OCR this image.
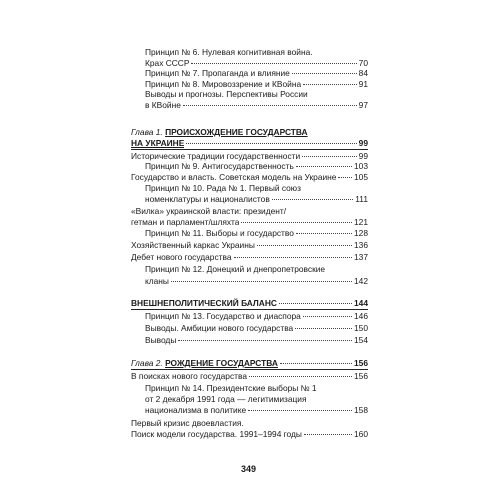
Принцип № 6. Нулевая когнитивная война.
Крах СССР	70
Принцип № 7. Пропаганда и влияние	84
Принцип № 8. Мировоззрение и КВойна	91
Выводы и прогнозы. Перспективы России
в КВойне	97
Глава 1. ПРОИСХОЖДЕНИЕ ГОСУДАРСТВА
НА УКРАИНЕ	99
Исторические традиции государственности	99
Принцип № 9. Антигосударственность	103
Государство и власть. Советская модель на Украине 105
Принцип № 10. Рада № 1. Первый союз
номенклатуры и националистов	111
«Вилка» украинской власти: президент/
гетман и парламент/шляхта	121
Принцип № 11. Выборы и государство	128
Хозяйственный каркас Украины	136
Дебет нового государства	137
Принцип № 12. Донецкий и днепропетровские
кланы	142
ВНЕШНЕПОЛИТИЧЕСКИЙ БАЛАНС	144
Принцип № 13. Государство и диаспора	146
Выводы. Амбиции нового государства	150
Выводы	154
Глава 2. РОЖДЕНИЕ ГОСУДАРСТВА	156
В поисках нового государства	156
Принцип № 14. Президентские выборы № 1
от 2 декабря 1991 года — легитимизация
национализма в политике	158
Первый кризис двоевластия.
Поиск модели государства. 1991–1994 годы	160
349
